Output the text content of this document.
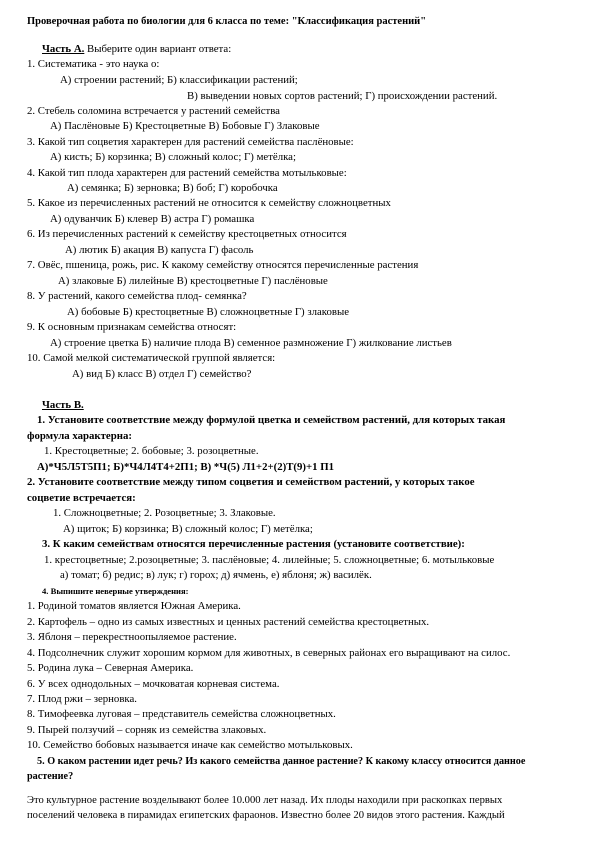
Проверочная работа по биологии для 6 класса по теме: "Классификация растений"
Часть А. Выберите один вариант ответа:
1. Систематика - это наука о:
А) строении растений; Б) классификации растений;
В) выведении новых сортов растений; Г) происхождении растений.
2. Стебель соломина встречается у растений семейства
А) Паслёновые Б) Крестоцветные В) Бобовые Г) Злаковые
3. Какой тип соцветия характерен для растений семейства паслёновые:
А) кисть; Б) корзинка; В) сложный колос; Г) метёлка;
4. Какой тип плода характерен для растений семейства мотыльковые:
А) семянка; Б) зерновка; В) боб; Г) коробочка
5. Какое из перечисленных растений не относится к семейству сложноцветных
А) одуванчик Б) клевер В) астра Г) ромашка
6. Из перечисленных растений к семейству крестоцветных относится
А) лютик Б) акация В) капуста Г) фасоль
7. Овёс, пшеница, рожь, рис. К какому семейству относятся перечисленные растения
А) злаковые Б) лилейные В) крестоцветные Г) паслёновые
8. У растений, какого семейства плод- семянка?
А) бобовые Б) крестоцветные В) сложноцветные Г) злаковые
9. К основным признакам семейства относят:
А) строение цветка Б) наличие плода В) семенное размножение Г) жилкование листьев
10. Самой мелкой систематической группой является:
А) вид Б) класс В) отдел Г) семейство?
Часть В.
1. Установите соответствие между формулой цветка и семейством растений, для которых такая
формула характерна:
1. Крестоцветные; 2. бобовые; 3. розоцветные.
А)*Ч5Л5Т5П1; Б)*Ч4Л4Т4+2П1; В) *Ч(5) Л1+2+(2)Т(9)+1 П1
2. Установите соответствие между типом соцветия и семейством растений, у которых такое
соцветие встречается:
1. Сложноцветные; 2. Розоцветные; 3. Злаковые.
А) щиток; Б) корзинка; В) сложный колос; Г) метёлка;
3. К каким семействам относятся перечисленные растения (установите соответствие):
1. крестоцветные; 2.розоцветные; 3. паслёновые; 4. лилейные; 5. сложноцветные; 6. мотыльковые
а) томат; б) редис; в) лук; г) горох; д) ячмень, е) яблоня; ж) василёк.
4. Выпишите неверные утверждения:
1. Родиной томатов является Южная Америка.
2. Картофель – одно из самых известных и ценных растений семейства крестоцветных.
3. Яблоня – перекрестноопыляемое растение.
4. Подсолнечник служит хорошим кормом для животных, в северных районах его выращивают на силос.
5. Родина лука – Северная Америка.
6. У всех однодольных – мочковатая корневая система.
7. Плод ржи – зерновка.
8. Тимофеевка луговая – представитель семейства сложноцветных.
9. Пырей ползучий – сорняк из семейства злаковых.
10. Семейство бобовых называется иначе как семейство мотыльковых.
5. О каком растении идет речь? Из какого семейства данное растение? К какому классу относится данное
растение?
Это культурное растение возделывают более 10.000 лет назад. Их плоды находили при раскопках первых
поселений человека в пирамидах египетских фараонов. Известно более 20 видов этого растения. Каждый
